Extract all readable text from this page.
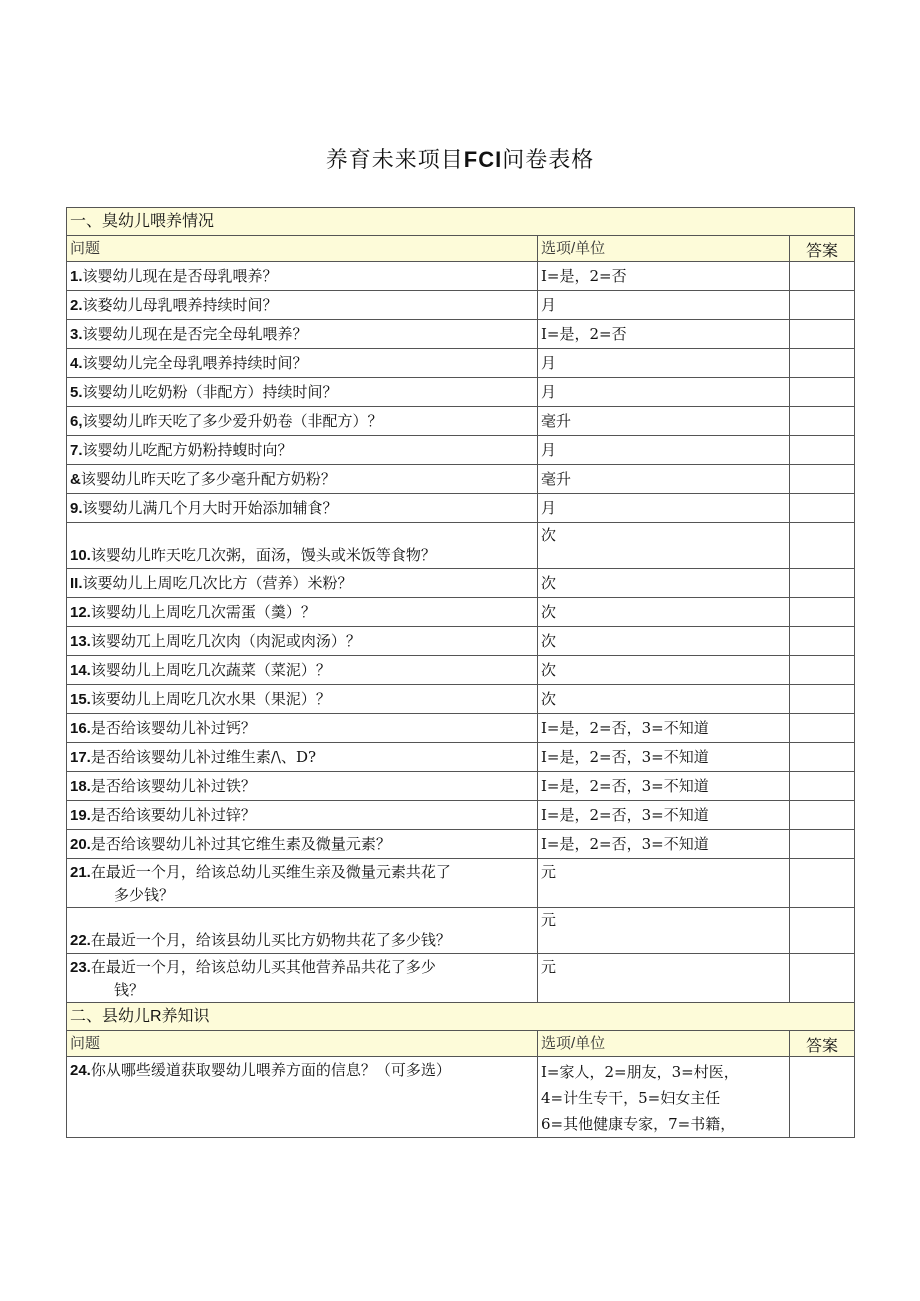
养育未来项目FCI问卷表格
一、臭幼儿喂养情况		
问题	选项/单位	答案
1.该婴幼儿现在是否母乳喂养？	I=是，2=否	
2.该婺幼儿母乳喂养持续时间？	月	
3.该婴幼儿现在是否完全母轧喂养？	I=是，2=否	
4.该婴幼儿完全母乳喂养持续时间？	月	
5.该婴幼儿吃奶粉（非配方）持续时间？	月	
6,该婴幼儿昨天吃了多少爱升奶卷（非配方）？	毫升	
7.该婴幼儿吃配方奶粉持蝮时向？	月	
&该婴幼儿昨天吃了多少毫升配方奶粉？	毫升	
9.该婴幼儿满几个月大时开始添加辅食？	月	
10.该婴幼儿昨天吃几次粥，面汤，馒头或米饭等食物？	次	
II.该要幼儿上周吃几次比方（营养）米粉？	次	
12.该婴幼儿上周吃几次需蛋（羹）？	次	
13.该婴幼兀上周吃几次肉（肉泥或肉汤）？	次	
14.该婴幼儿上周吃几次蔬菜（菜泥）？	次	
15.该要幼儿上周吃几次水果（果泥）？	次	
16.是否给该婴幼儿补过钙？	I=是，2=否，3=不知道	
17.是否给该婴幼儿补过维生素/\、D?	I=是，2=否，3=不知道	
18.是否给该婴幼儿补过铁？	I=是，2=否，3=不知道	
19.是否给该要幼儿补过锌？	I=是，2=否，3=不知道	
20.是否给该婴幼儿补过其它维生素及微量元素？	I=是，2=否，3=不知道	
21.在最近一个月，给该总幼儿买维生亲及微量元素共花了
多少钱？	元	
22.在最近一个月，给该县幼儿买比方奶物共花了多少钱？	元	
23.在最近一个月，给该总幼儿买其他营养品共花了多少
钱？	元	
二、县幼儿R养知识		
问题	选项/单位	答案
24.你从哪些缓道获取婴幼儿喂养方面的信息？（可多选）	I=家人，2=朋友，3=村医，
4=计生专干，5=妇女主任
6=其他健康专家，7=书籍，	
